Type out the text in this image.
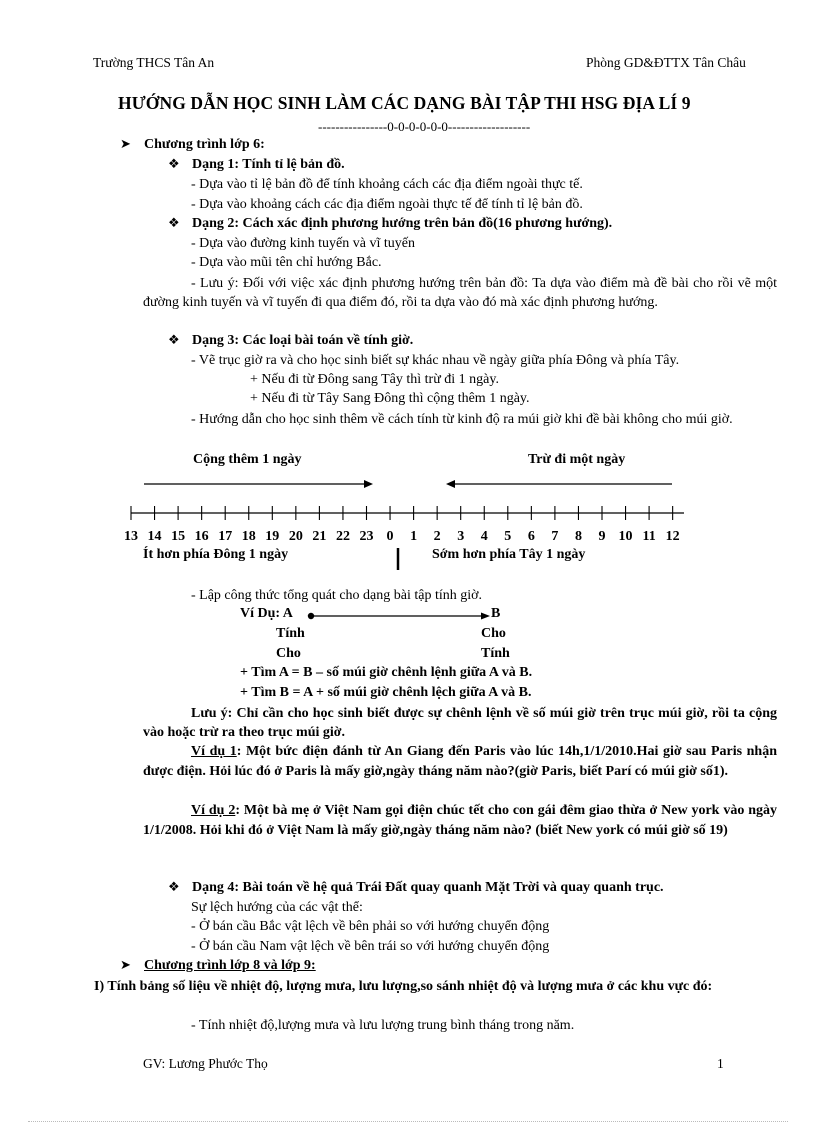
Trường THCS Tân An	Phòng GD&ĐTTX Tân Châu
HƯỚNG DẪN HỌC SINH LÀM CÁC DẠNG BÀI TẬP THI HSG ĐỊA LÍ 9
----------------0-0-0-0-0-0-------------------
➤ Chương trình lớp 6:
❖ Dạng 1: Tính tỉ lệ bản đồ.
- Dựa vào tỉ lệ bản đồ để tính khoảng cách các địa điểm ngoài thực tế.
- Dựa vào khoảng cách các địa điểm ngoài thực tế để tính tỉ lệ bản đồ.
❖ Dạng 2: Cách xác định phương hướng trên bản đồ(16 phương hướng).
- Dựa vào đường kinh tuyến và vĩ tuyến
- Dựa vào mũi tên chỉ hướng Bắc.
- Lưu ý: Đối với việc xác định phương hướng trên bản đồ: Ta dựa vào điểm mà đề bài cho rồi vẽ một đường kinh tuyến và vĩ tuyến đi qua điểm đó, rồi ta dựa vào đó mà xác định phương hướng.
❖ Dạng 3: Các loại bài toán về tính giờ.
- Vẽ trục giờ ra và cho học sinh biết sự khác nhau về ngày giữa phía Đông và phía Tây.
+ Nếu đi từ Đông sang Tây thì trừ đi 1 ngày.
+ Nếu đi từ Tây Sang Đông thì cộng thêm 1 ngày.
- Hướng dẫn cho học sinh thêm về cách tính từ kinh độ ra múi giờ khi đề bài không cho múi giờ.
Cộng thêm 1 ngày	Trừ đi một ngày
13 14 15 16 17 18 19 20 21 22 23 0 1 2 3 4 5 6 7 8 9 10 11 12
Ít hơn phía Đông 1 ngày	Sớm hơn phía Tây 1 ngày
- Lập công thức tổng quát cho dạng bài tập tính giờ.
Ví Dụ: A	B
Tính	Cho
Cho	Tính
+ Tìm A = B – số múi giờ chênh lệnh giữa A và B.
+ Tìm B = A + số múi giờ chênh lệch giữa A và B.
Lưu ý: Chỉ cần cho học sinh biết được sự chênh lệnh về số múi giờ trên trục múi giờ, rồi ta cộng vào hoặc trừ ra theo trục múi giờ.
Ví dụ 1: Một bức điện đánh từ An Giang đến Paris vào lúc 14h,1/1/2010.Hai giờ sau Paris nhận được điện. Hỏi lúc đó ở Paris là mấy giờ,ngày tháng năm nào?(giờ Paris, biết Parí có múi giờ số1).
Ví dụ 2: Một bà mẹ ở Việt Nam gọi điện chúc tết cho con gái đêm giao thừa ở New york vào ngày 1/1/2008. Hỏi khi đó ở Việt Nam là mấy giờ,ngày tháng năm nào? (biết New york có múi giờ số 19)
❖ Dạng 4: Bài toán về hệ quả Trái Đất quay quanh Mặt Trời và quay quanh trục.
Sự lệch hướng của các vật thể:
- Ở bán cầu Bắc vật lệch về bên phải so với hướng chuyển động
- Ở bán cầu Nam vật lệch về bên trái so với hướng chuyển động
➤ Chương trình lớp 8 và lớp 9:
I) Tính bảng số liệu về nhiệt độ, lượng mưa, lưu lượng,so sánh nhiệt độ và lượng mưa ở các khu vực đó:
- Tính nhiệt độ,lượng mưa và lưu lượng trung bình tháng trong năm.
GV: Lương Phước Thọ	1
